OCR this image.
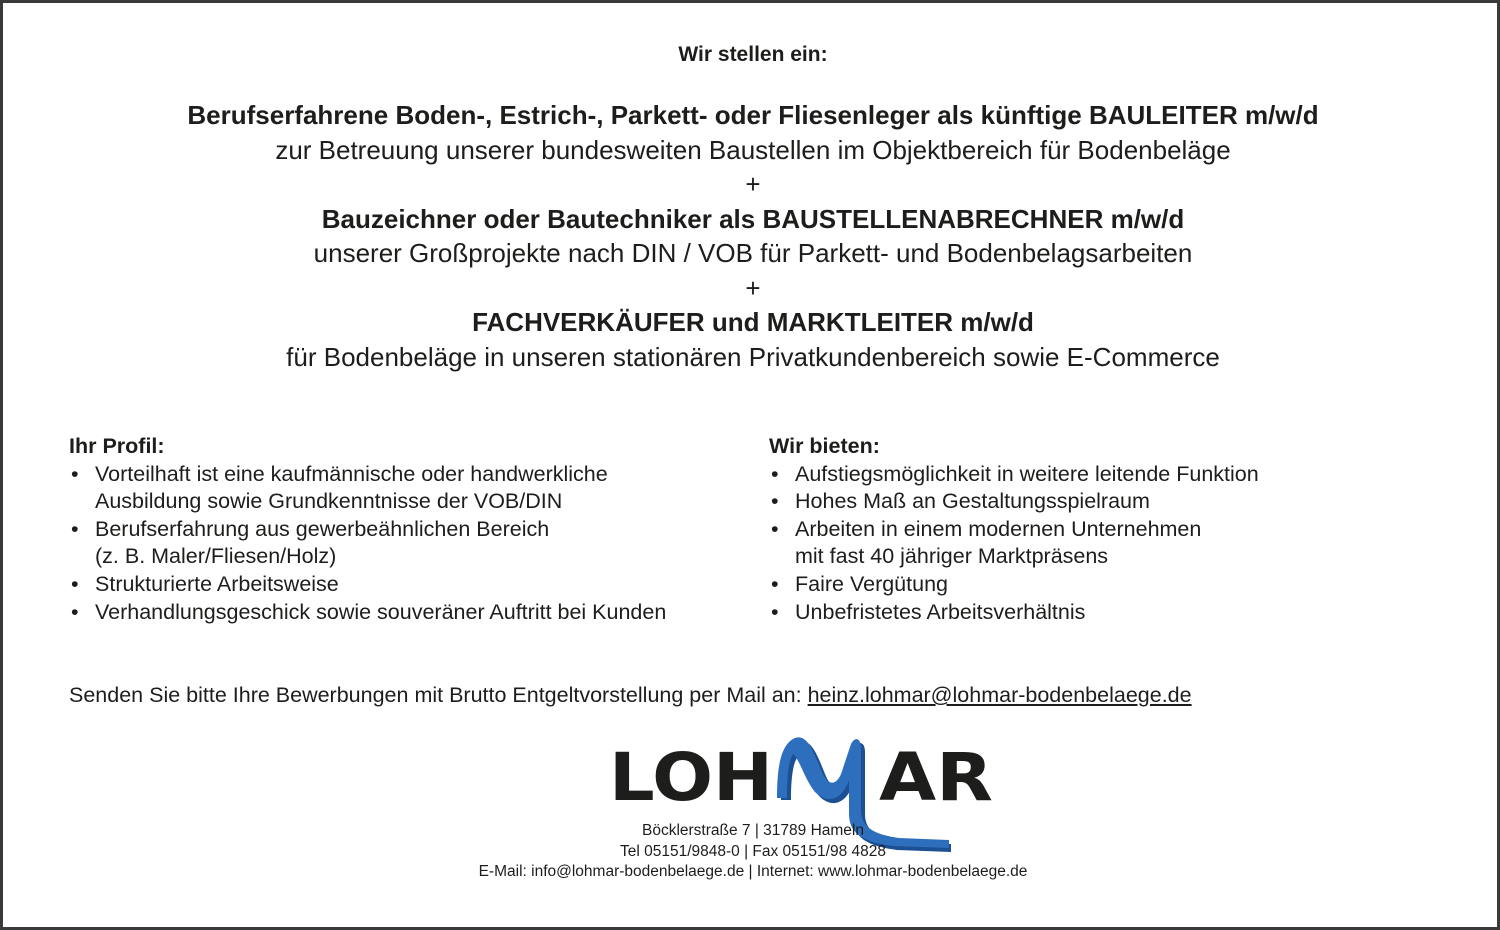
Wir stellen ein:
Berufserfahrene Boden-, Estrich-, Parkett- oder Fliesenleger als künftige BAULEITER m/w/d
zur Betreuung unserer bundesweiten Baustellen im Objektbereich für Bodenbeläge
+
Bauzeichner oder Bautechniker als BAUSTELLENABRECHNER m/w/d
unserer Großprojekte nach DIN / VOB für Parkett- und Bodenbelagsarbeiten
+
FACHVERKÄUFER und MARKTLEITER m/w/d
für Bodenbeläge in unseren stationären Privatkundenbereich sowie E-Commerce
Ihr Profil:
• Vorteilhaft ist eine kaufmännische oder handwerkliche
Ausbildung sowie Grundkenntnisse der VOB/DIN
• Berufserfahrung aus gewerbeähnlichen Bereich
(z. B. Maler/Fliesen/Holz)
• Strukturierte Arbeitsweise
• Verhandlungsgeschick sowie souveräner Auftritt bei Kunden
Wir bieten:
• Aufstiegsmöglichkeit in weitere leitende Funktion
• Hohes Maß an Gestaltungsspielraum
• Arbeiten in einem modernen Unternehmen
mit fast 40 jähriger Marktpräsens
• Faire Vergütung
• Unbefristetes Arbeitsverhältnis
Senden Sie bitte Ihre Bewerbungen mit Brutto Entgeltvorstellung per Mail an: heinz.lohmar@lohmar-bodenbelaege.de
LOH AR
Böcklerstraße 7 | 31789 Hameln
Tel 05151/9848-0 | Fax 05151/98 4828
E-Mail: info@lohmar-bodenbelaege.de | Internet: www.lohmar-bodenbelaege.de
